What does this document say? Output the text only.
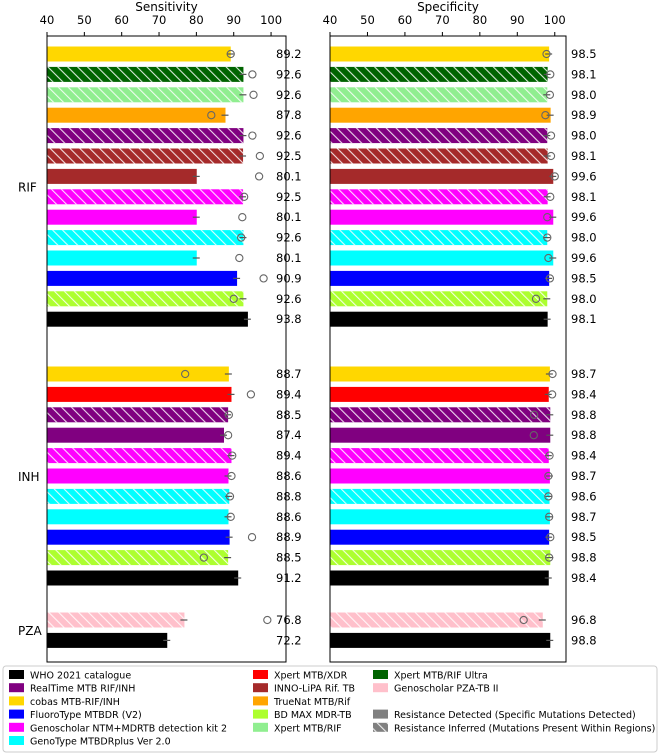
89.2	98.5
92.6	98.1
92.6	98.0
87.8	98.9
92.6	98.0
92.5	98.1
80.1	99.6
92.5	98.1
80.1	99.6
92.6	98.0
80.1	99.6
90.9	98.5
92.6	98.0
93.8	98.1
88.7	98.7
89.4	98.4
88.5	98.8
87.4	98.8
89.4	98.4
88.6	98.7
88.8	98.6
88.6	98.7
88.9	98.5
88.5	98.8
91.2	98.4
76.8	96.8
72.2	98.8
Sensitivity
40 50 60 70 80 90 100
Specificity
40 50 60 70 80 90 100
RIF
INH
PZA
WHO 2021 catalogue
RealTime MTB RIF/INH
cobas MTB-RIF/INH
FluoroType MTBDR (V2)
Genoscholar NTM+MDRTB detection kit 2
GenoType MTBDRplus Ver 2.0
Xpert MTB/XDR
INNO-LiPA Rif. TB
TrueNat MTB/Rif
BD MAX MDR-TB
Xpert MTB/RIF
Xpert MTB/RIF Ultra
Genoscholar PZA-TB II
Resistance Detected (Specific Mutations Detected)
Resistance Inferred (Mutations Present Within Regions)
